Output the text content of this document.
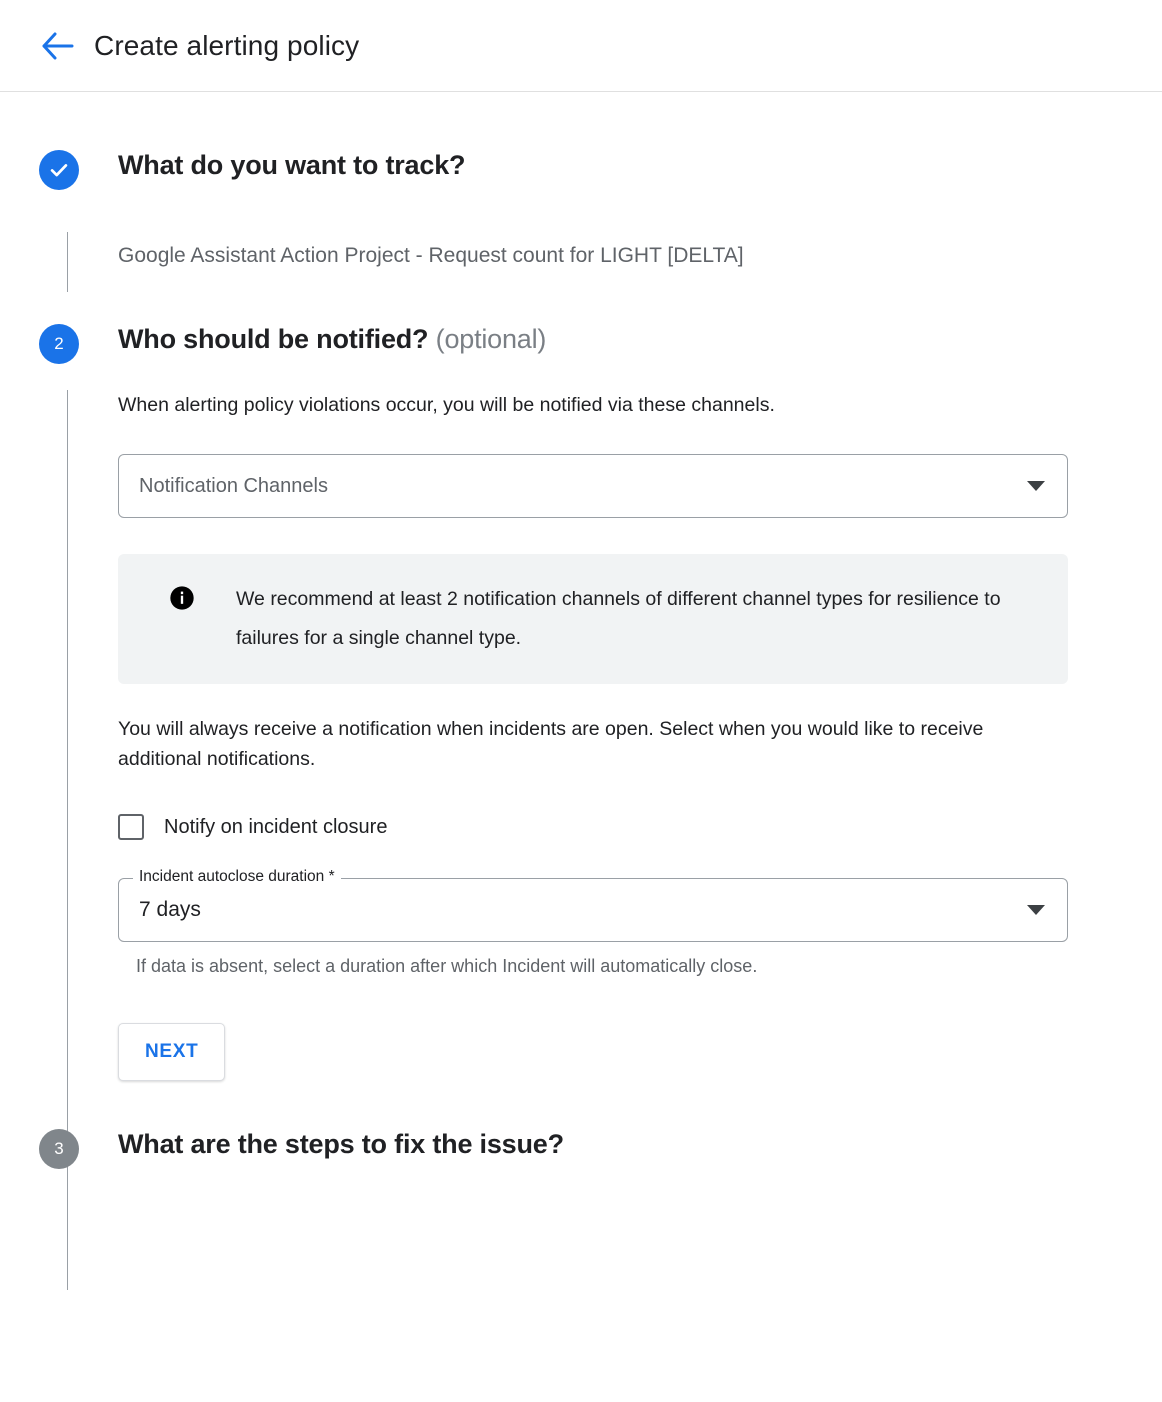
Create alerting policy
What do you want to track?
Google Assistant Action Project - Request count for LIGHT [DELTA]
2	Who should be notified? (optional)
When alerting policy violations occur, you will be notified via these channels.
Notification Channels
We recommend at least 2 notification channels of different channel types for resilience to failures for a single channel type.
You will always receive a notification when incidents are open. Select when you would like to receive additional notifications.
Notify on incident closure
Incident autoclose duration *
7 days
If data is absent, select a duration after which Incident will automatically close.
NEXT
3	What are the steps to fix the issue?
